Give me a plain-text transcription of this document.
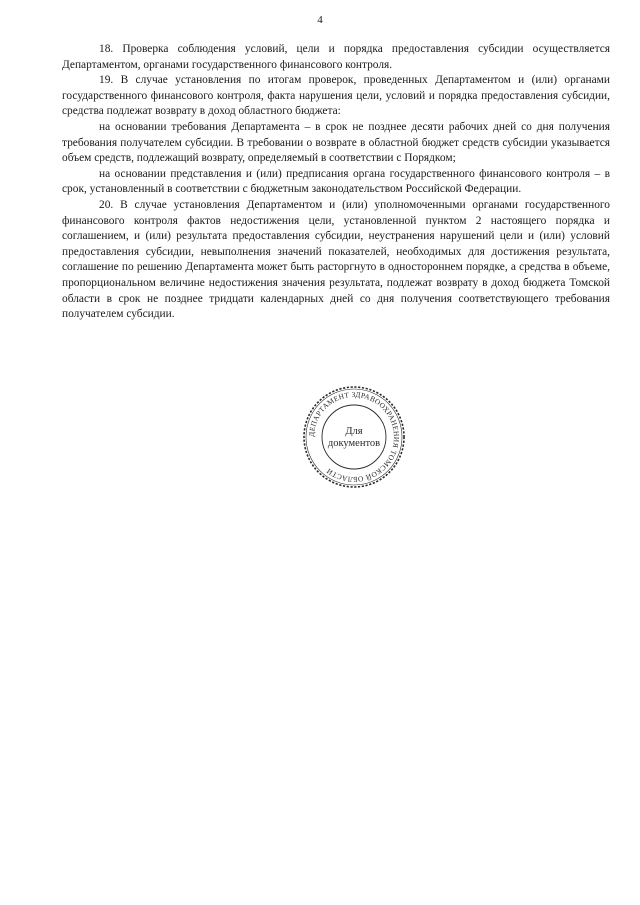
4

18. Проверка соблюдения условий, цели и порядка предоставления субсидии осуществляется Департаментом, органами государственного финансового контроля.

19. В случае установления по итогам проверок, проведенных Департаментом и (или) органами государственного финансового контроля, факта нарушения цели, условий и порядка предоставления субсидии, средства подлежат возврату в доход областного бюджета:

на основании требования Департамента – в срок не позднее десяти рабочих дней со дня получения требования получателем субсидии. В требовании о возврате в областной бюджет средств субсидии указывается объем средств, подлежащий возврату, определяемый в соответствии с Порядком;

на основании представления и (или) предписания органа государственного финансового контроля – в срок, установленный в соответствии с бюджетным законодательством Российской Федерации.

20. В случае установления Департаментом и (или) уполномоченными органами государственного финансового контроля фактов недостижения цели, установленной пунктом 2 настоящего порядка и соглашением, и (или) результата предоставления субсидии, неустранения нарушений цели и (или) условий предоставления субсидии, невыполнения значений показателей, необходимых для достижения результата, соглашение по решению Департамента может быть расторгнуто в одностороннем порядке, а средства в объеме, пропорциональном величине недостижения значения результата, подлежат возврату в доход бюджета Томской области в срок не позднее тридцати календарных дней со дня получения соответствующего требования получателем субсидии.

ДЕПАРТАМЕНТ ЗДРАВООХРАНЕНИЯ ТОМСКОЙ ОБЛАСТИ
Для
документов
